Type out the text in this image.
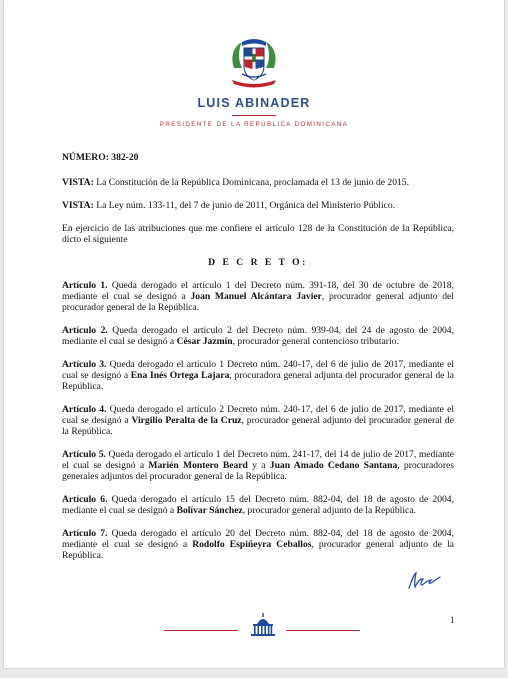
LUIS ABINADER
PRESIDENTE DE LA REPÚBLICA DOMINICANA

NÚMERO: 382-20

VISTA: La Constitución de la República Dominicana, proclamada el 13 de junio de 2015.

VISTA: La Ley núm. 133-11, del 7 de junio de 2011, Orgánica del Ministerio Público.

En ejercicio de las atribuciones que me confiere el artículo 128 de la Constitución de la República, dicto el siguiente

D E C R E T O:

Artículo 1. Queda derogado el artículo 1 del Decreto núm. 391-18, del 30 de octubre de 2018, mediante el cual se designó a Joan Manuel Alcántara Javier, procurador general adjunto del procurador general de la República.

Artículo 2. Queda derogado el artículo 2 del Decreto núm. 939-04, del 24 de agosto de 2004, mediante el cual se designó a César Jazmín, procurador general contencioso tributario.

Artículo 3. Queda derogado el artículo 1 Decreto núm. 240-17, del 6 de julio de 2017, mediante el cual se designó a Ena Inés Ortega Lajara, procuradora general adjunta del procurador general de la República.

Artículo 4. Queda derogado el artículo 2 Decreto núm. 240-17, del 6 de julio de 2017, mediante el cual se designó a Virgilio Peralta de la Cruz, procurador general adjunto del procurador general de la República.

Artículo 5. Queda derogado el artículo 1 del Decreto núm. 241-17, del 14 de julio de 2017, mediante el cual se designó a Marién Montero Beard y a Juan Amado Cedano Santana, procuradores generales adjuntos del procurador general de la República.

Artículo 6. Queda derogado el artículo 15 del Decreto núm. 882-04, del 18 de agosto de 2004, mediante el cual se designó a Bolívar Sánchez, procurador general adjunto de la República.

Artículo 7. Queda derogado el artículo 20 del Decreto núm. 882-04, del 18 de agosto de 2004, mediante el cual se designó a Rodolfo Espiñeyra Ceballos, procurador general adjunto de la República.

1
